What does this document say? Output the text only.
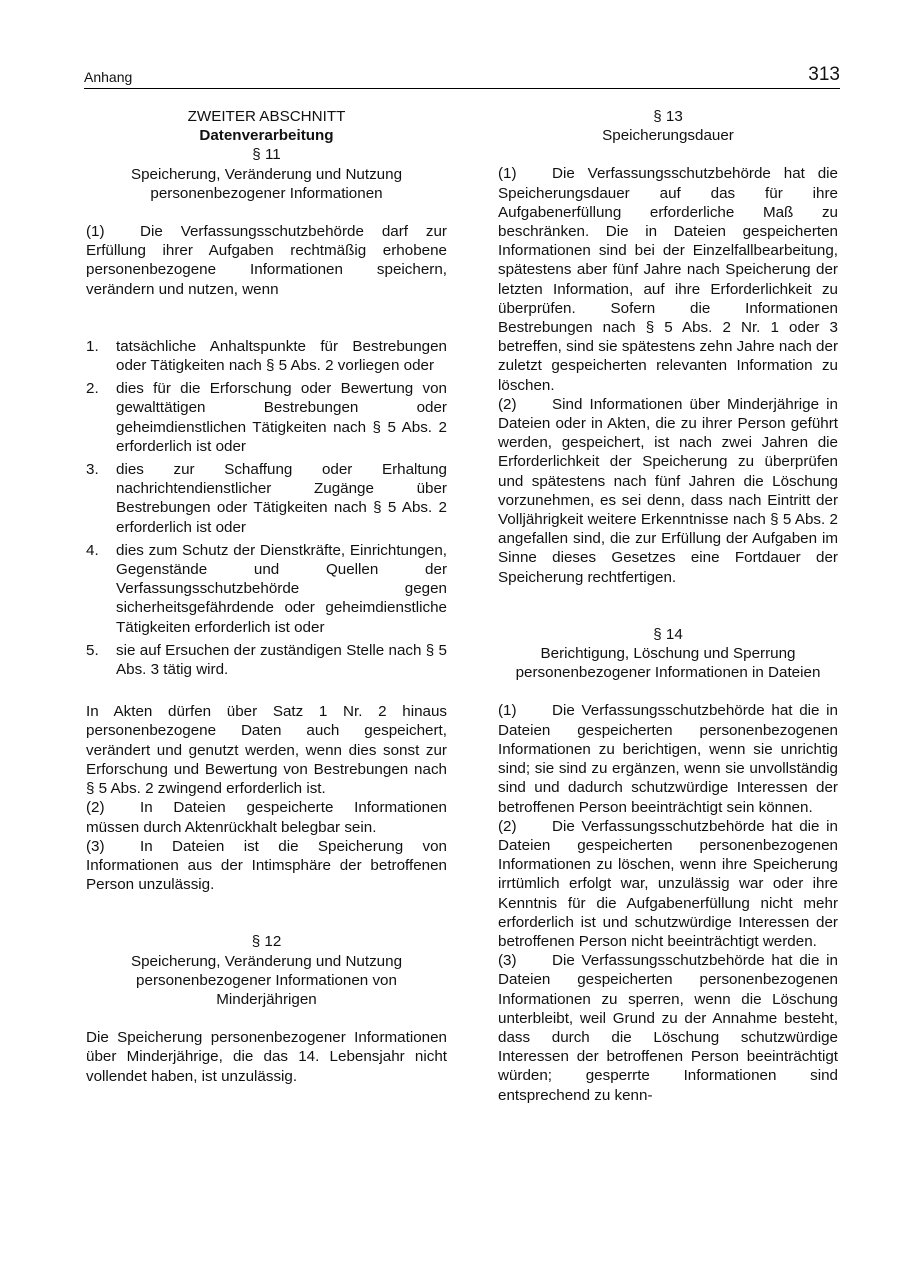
Anhang	313
ZWEITER ABSCHNITT
Datenverarbeitung
§ 11
Speicherung, Veränderung und Nutzung
personenbezogener Informationen

(1) Die Verfassungsschutzbehörde darf zur Erfüllung ihrer Aufgaben rechtmäßig erhobene personenbezogene Informationen speichern, verändern und nutzen, wenn

1. tatsächliche Anhaltspunkte für Bestrebungen oder Tätigkeiten nach § 5 Abs. 2 vorliegen oder
2. dies für die Erforschung oder Bewertung von gewalttätigen Bestrebungen oder geheimdienstlichen Tätigkeiten nach § 5 Abs. 2 erforderlich ist oder
3. dies zur Schaffung oder Erhaltung nachrichtendienstlicher Zugänge über Bestrebungen oder Tätigkeiten nach § 5 Abs. 2 erforderlich ist oder
4. dies zum Schutz der Dienstkräfte, Einrichtungen, Gegenstände und Quellen der Verfassungsschutzbehörde gegen sicherheitsgefährdende oder geheimdienstliche Tätigkeiten erforderlich ist oder
5. sie auf Ersuchen der zuständigen Stelle nach § 5 Abs. 3 tätig wird.

In Akten dürfen über Satz 1 Nr. 2 hinaus personenbezogene Daten auch gespeichert, verändert und genutzt werden, wenn dies sonst zur Erforschung und Bewertung von Bestrebungen nach § 5 Abs. 2 zwingend erforderlich ist.

(2) In Dateien gespeicherte Informationen müssen durch Aktenrückhalt belegbar sein.

(3) In Dateien ist die Speicherung von Informationen aus der Intimsphäre der betroffenen Person unzulässig.

§ 12
Speicherung, Veränderung und Nutzung
personenbezogener Informationen von
Minderjährigen

Die Speicherung personenbezogener Informationen über Minderjährige, die das 14. Lebensjahr nicht vollendet haben, ist unzulässig.

§ 13
Speicherungsdauer

(1) Die Verfassungsschutzbehörde hat die Speicherungsdauer auf das für ihre Aufgabenerfüllung erforderliche Maß zu beschränken. Die in Dateien gespeicherten Informationen sind bei der Einzelfallbearbeitung, spätestens aber fünf Jahre nach Speicherung der letzten Information, auf ihre Erforderlichkeit zu überprüfen. Sofern die Informationen Bestrebungen nach § 5 Abs. 2 Nr. 1 oder 3 betreffen, sind sie spätestens zehn Jahre nach der zuletzt gespeicherten relevanten Information zu löschen.

(2) Sind Informationen über Minderjährige in Dateien oder in Akten, die zu ihrer Person geführt werden, gespeichert, ist nach zwei Jahren die Erforderlichkeit der Speicherung zu überprüfen und spätestens nach fünf Jahren die Löschung vorzunehmen, es sei denn, dass nach Eintritt der Volljährigkeit weitere Erkenntnisse nach § 5 Abs. 2 angefallen sind, die zur Erfüllung der Aufgaben im Sinne dieses Gesetzes eine Fortdauer der Speicherung rechtfertigen.

§ 14
Berichtigung, Löschung und Sperrung
personenbezogener Informationen in Dateien

(1) Die Verfassungsschutzbehörde hat die in Dateien gespeicherten personenbezogenen Informationen zu berichtigen, wenn sie unrichtig sind; sie sind zu ergänzen, wenn sie unvollständig sind und dadurch schutzwürdige Interessen der betroffenen Person beeinträchtigt sein können.

(2) Die Verfassungsschutzbehörde hat die in Dateien gespeicherten personenbezogenen Informationen zu löschen, wenn ihre Speicherung irrtümlich erfolgt war, unzulässig war oder ihre Kenntnis für die Aufgabenerfüllung nicht mehr erforderlich ist und schutzwürdige Interessen der betroffenen Person nicht beeinträchtigt werden.

(3) Die Verfassungsschutzbehörde hat die in Dateien gespeicherten personenbezogenen Informationen zu sperren, wenn die Löschung unterbleibt, weil Grund zu der Annahme besteht, dass durch die Löschung schutzwürdige Interessen der betroffenen Person beeinträchtigt würden; gesperrte Informationen sind entsprechend zu kenn-
